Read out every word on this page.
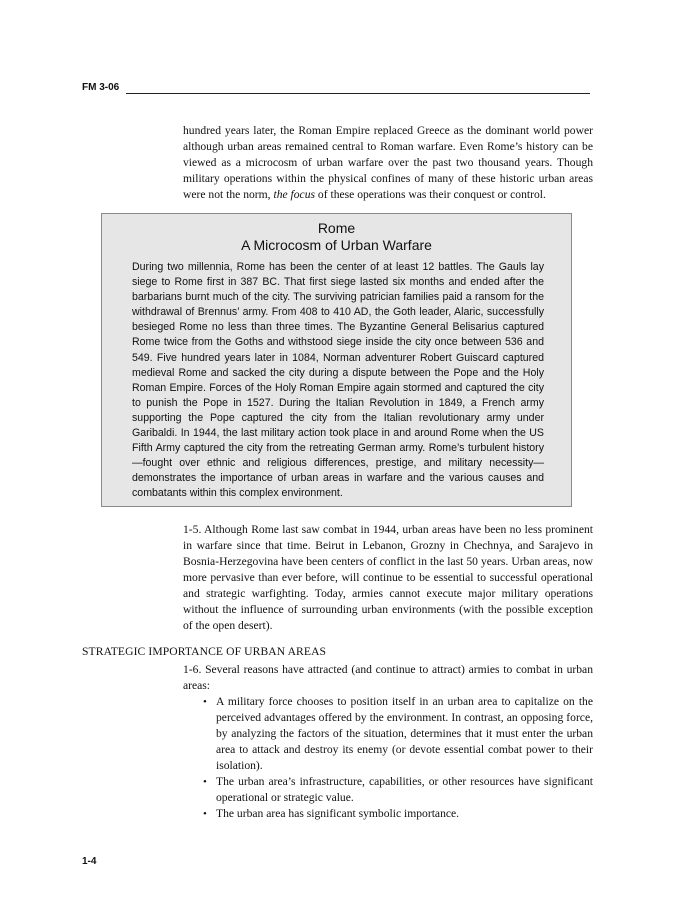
FM 3-06

hundred years later, the Roman Empire replaced Greece as the dominant world power although urban areas remained central to Roman warfare. Even Rome’s history can be viewed as a microcosm of urban warfare over the past two thousand years. Though military operations within the physical confines of many of these historic urban areas were not the norm, the focus of these operations was their conquest or control.

Rome
A Microcosm of Urban Warfare

During two millennia, Rome has been the center of at least 12 battles. The Gauls lay siege to Rome first in 387 BC. That first siege lasted six months and ended after the barbarians burnt much of the city. The surviving patrician families paid a ransom for the withdrawal of Brennus’ army. From 408 to 410 AD, the Goth leader, Alaric, successfully besieged Rome no less than three times. The Byzantine General Belisarius captured Rome twice from the Goths and withstood siege inside the city once between 536 and 549. Five hundred years later in 1084, Norman adventurer Robert Guiscard captured medieval Rome and sacked the city during a dispute between the Pope and the Holy Roman Empire. Forces of the Holy Roman Empire again stormed and captured the city to punish the Pope in 1527. During the Italian Revolution in 1849, a French army supporting the Pope captured the city from the Italian revolutionary army under Garibaldi. In 1944, the last military action took place in and around Rome when the US Fifth Army captured the city from the retreating German army. Rome’s turbulent history—fought over ethnic and religious differences, prestige, and military necessity—demonstrates the importance of urban areas in warfare and the various causes and combatants within this complex environment.

1-5. Although Rome last saw combat in 1944, urban areas have been no less prominent in warfare since that time. Beirut in Lebanon, Grozny in Chechnya, and Sarajevo in Bosnia-Herzegovina have been centers of conflict in the last 50 years. Urban areas, now more pervasive than ever before, will continue to be essential to successful operational and strategic warfighting. Today, armies cannot execute major military operations without the influence of surrounding urban environments (with the possible exception of the open desert).

STRATEGIC IMPORTANCE OF URBAN AREAS

1-6. Several reasons have attracted (and continue to attract) armies to combat in urban areas:

• A military force chooses to position itself in an urban area to capitalize on the perceived advantages offered by the environment. In contrast, an opposing force, by analyzing the factors of the situation, determines that it must enter the urban area to attack and destroy its enemy (or devote essential combat power to their isolation).
• The urban area’s infrastructure, capabilities, or other resources have significant operational or strategic value.
• The urban area has significant symbolic importance.
1-4
